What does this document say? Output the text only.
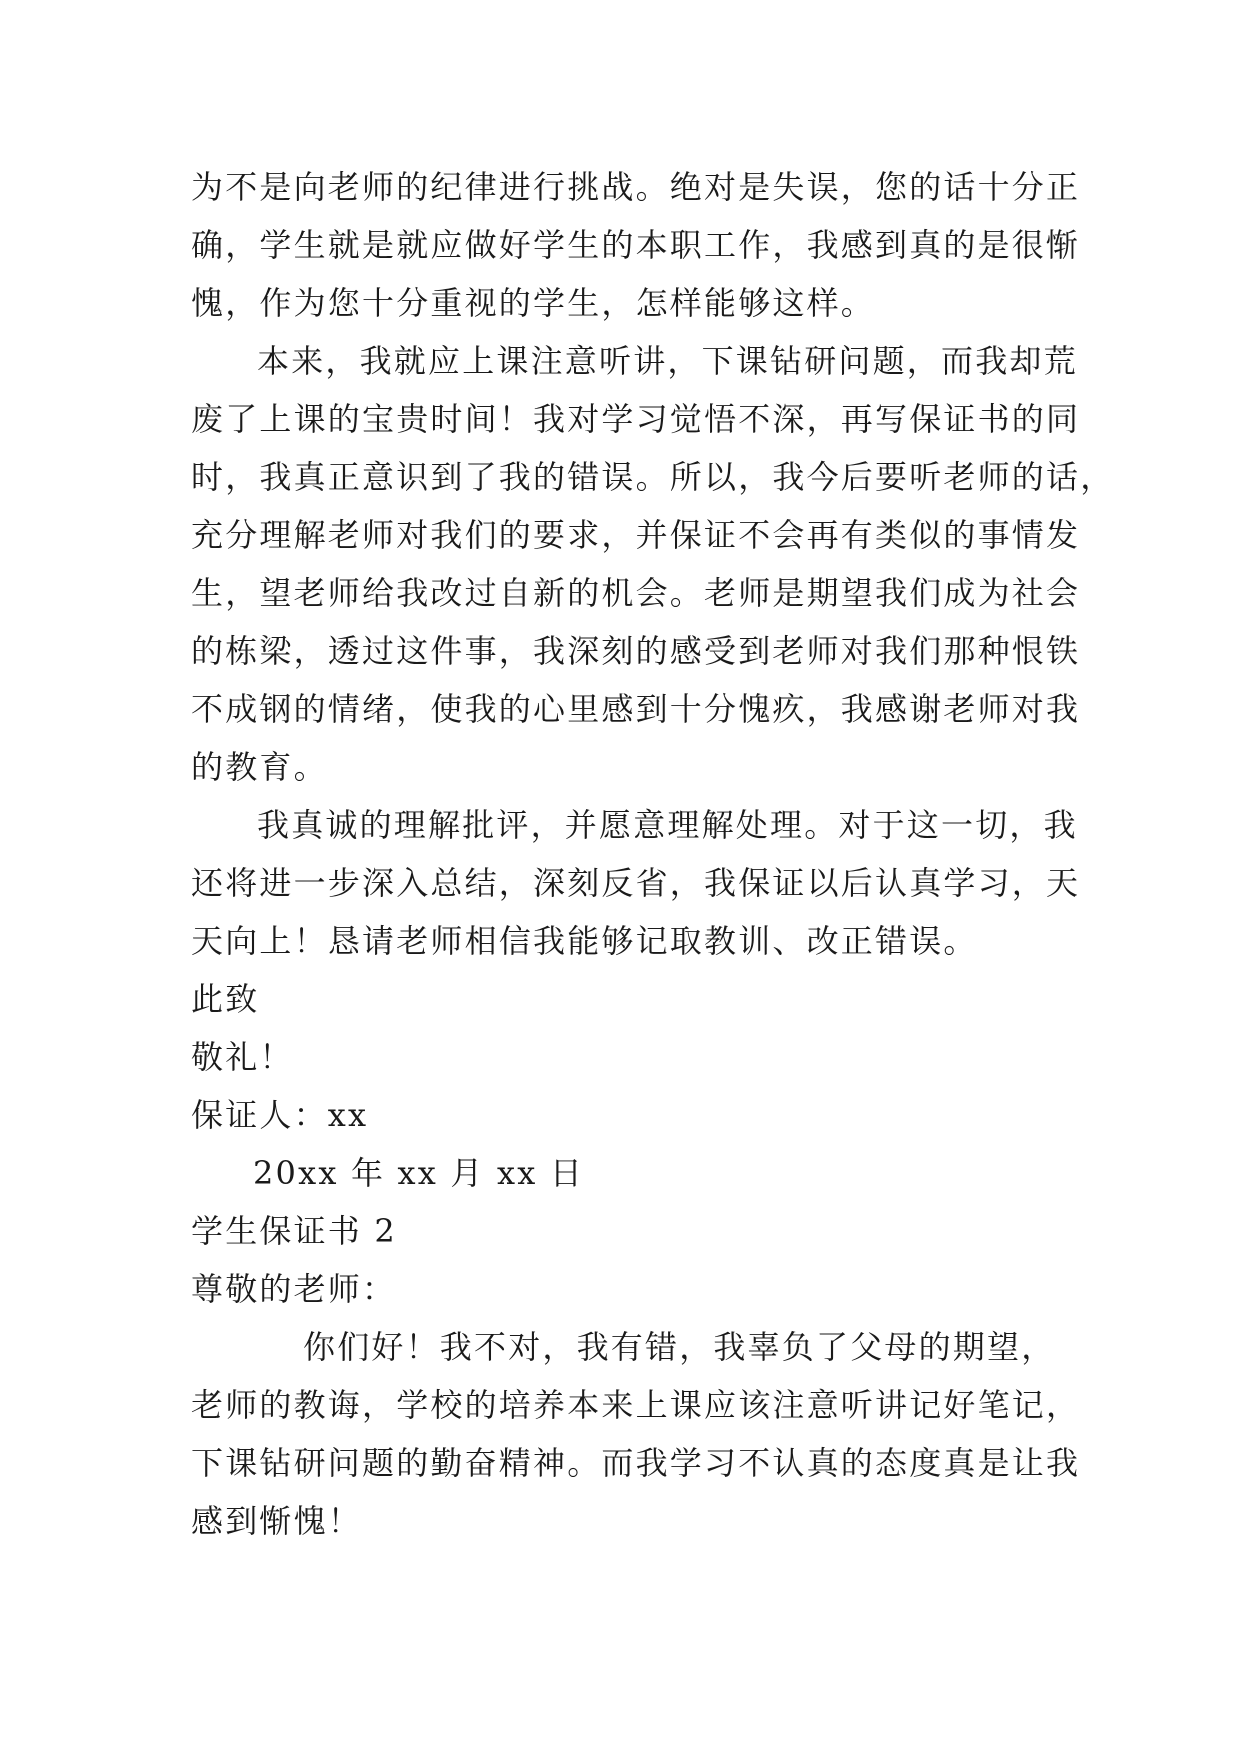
为不是向老师的纪律进行挑战。绝对是失误，您的话十分正
确，学生就是就应做好学生的本职工作，我感到真的是很惭
愧，作为您十分重视的学生，怎样能够这样。
本来，我就应上课注意听讲，下课钻研问题，而我却荒
废了上课的宝贵时间！我对学习觉悟不深，再写保证书的同
时，我真正意识到了我的错误。所以，我今后要听老师的话，
充分理解老师对我们的要求，并保证不会再有类似的事情发
生，望老师给我改过自新的机会。老师是期望我们成为社会
的栋梁，透过这件事，我深刻的感受到老师对我们那种恨铁
不成钢的情绪，使我的心里感到十分愧疚，我感谢老师对我
的教育。
我真诚的理解批评，并愿意理解处理。对于这一切，我
还将进一步深入总结，深刻反省，我保证以后认真学习，天
天向上！恳请老师相信我能够记取教训、改正错误。
此致
敬礼！
保证人：xx
20xx 年 xx 月 xx 日
学生保证书 2
尊敬的老师：
你们好！我不对，我有错，我辜负了父母的期望，
老师的教诲，学校的培养本来上课应该注意听讲记好笔记，
下课钻研问题的勤奋精神。而我学习不认真的态度真是让我
感到惭愧！
